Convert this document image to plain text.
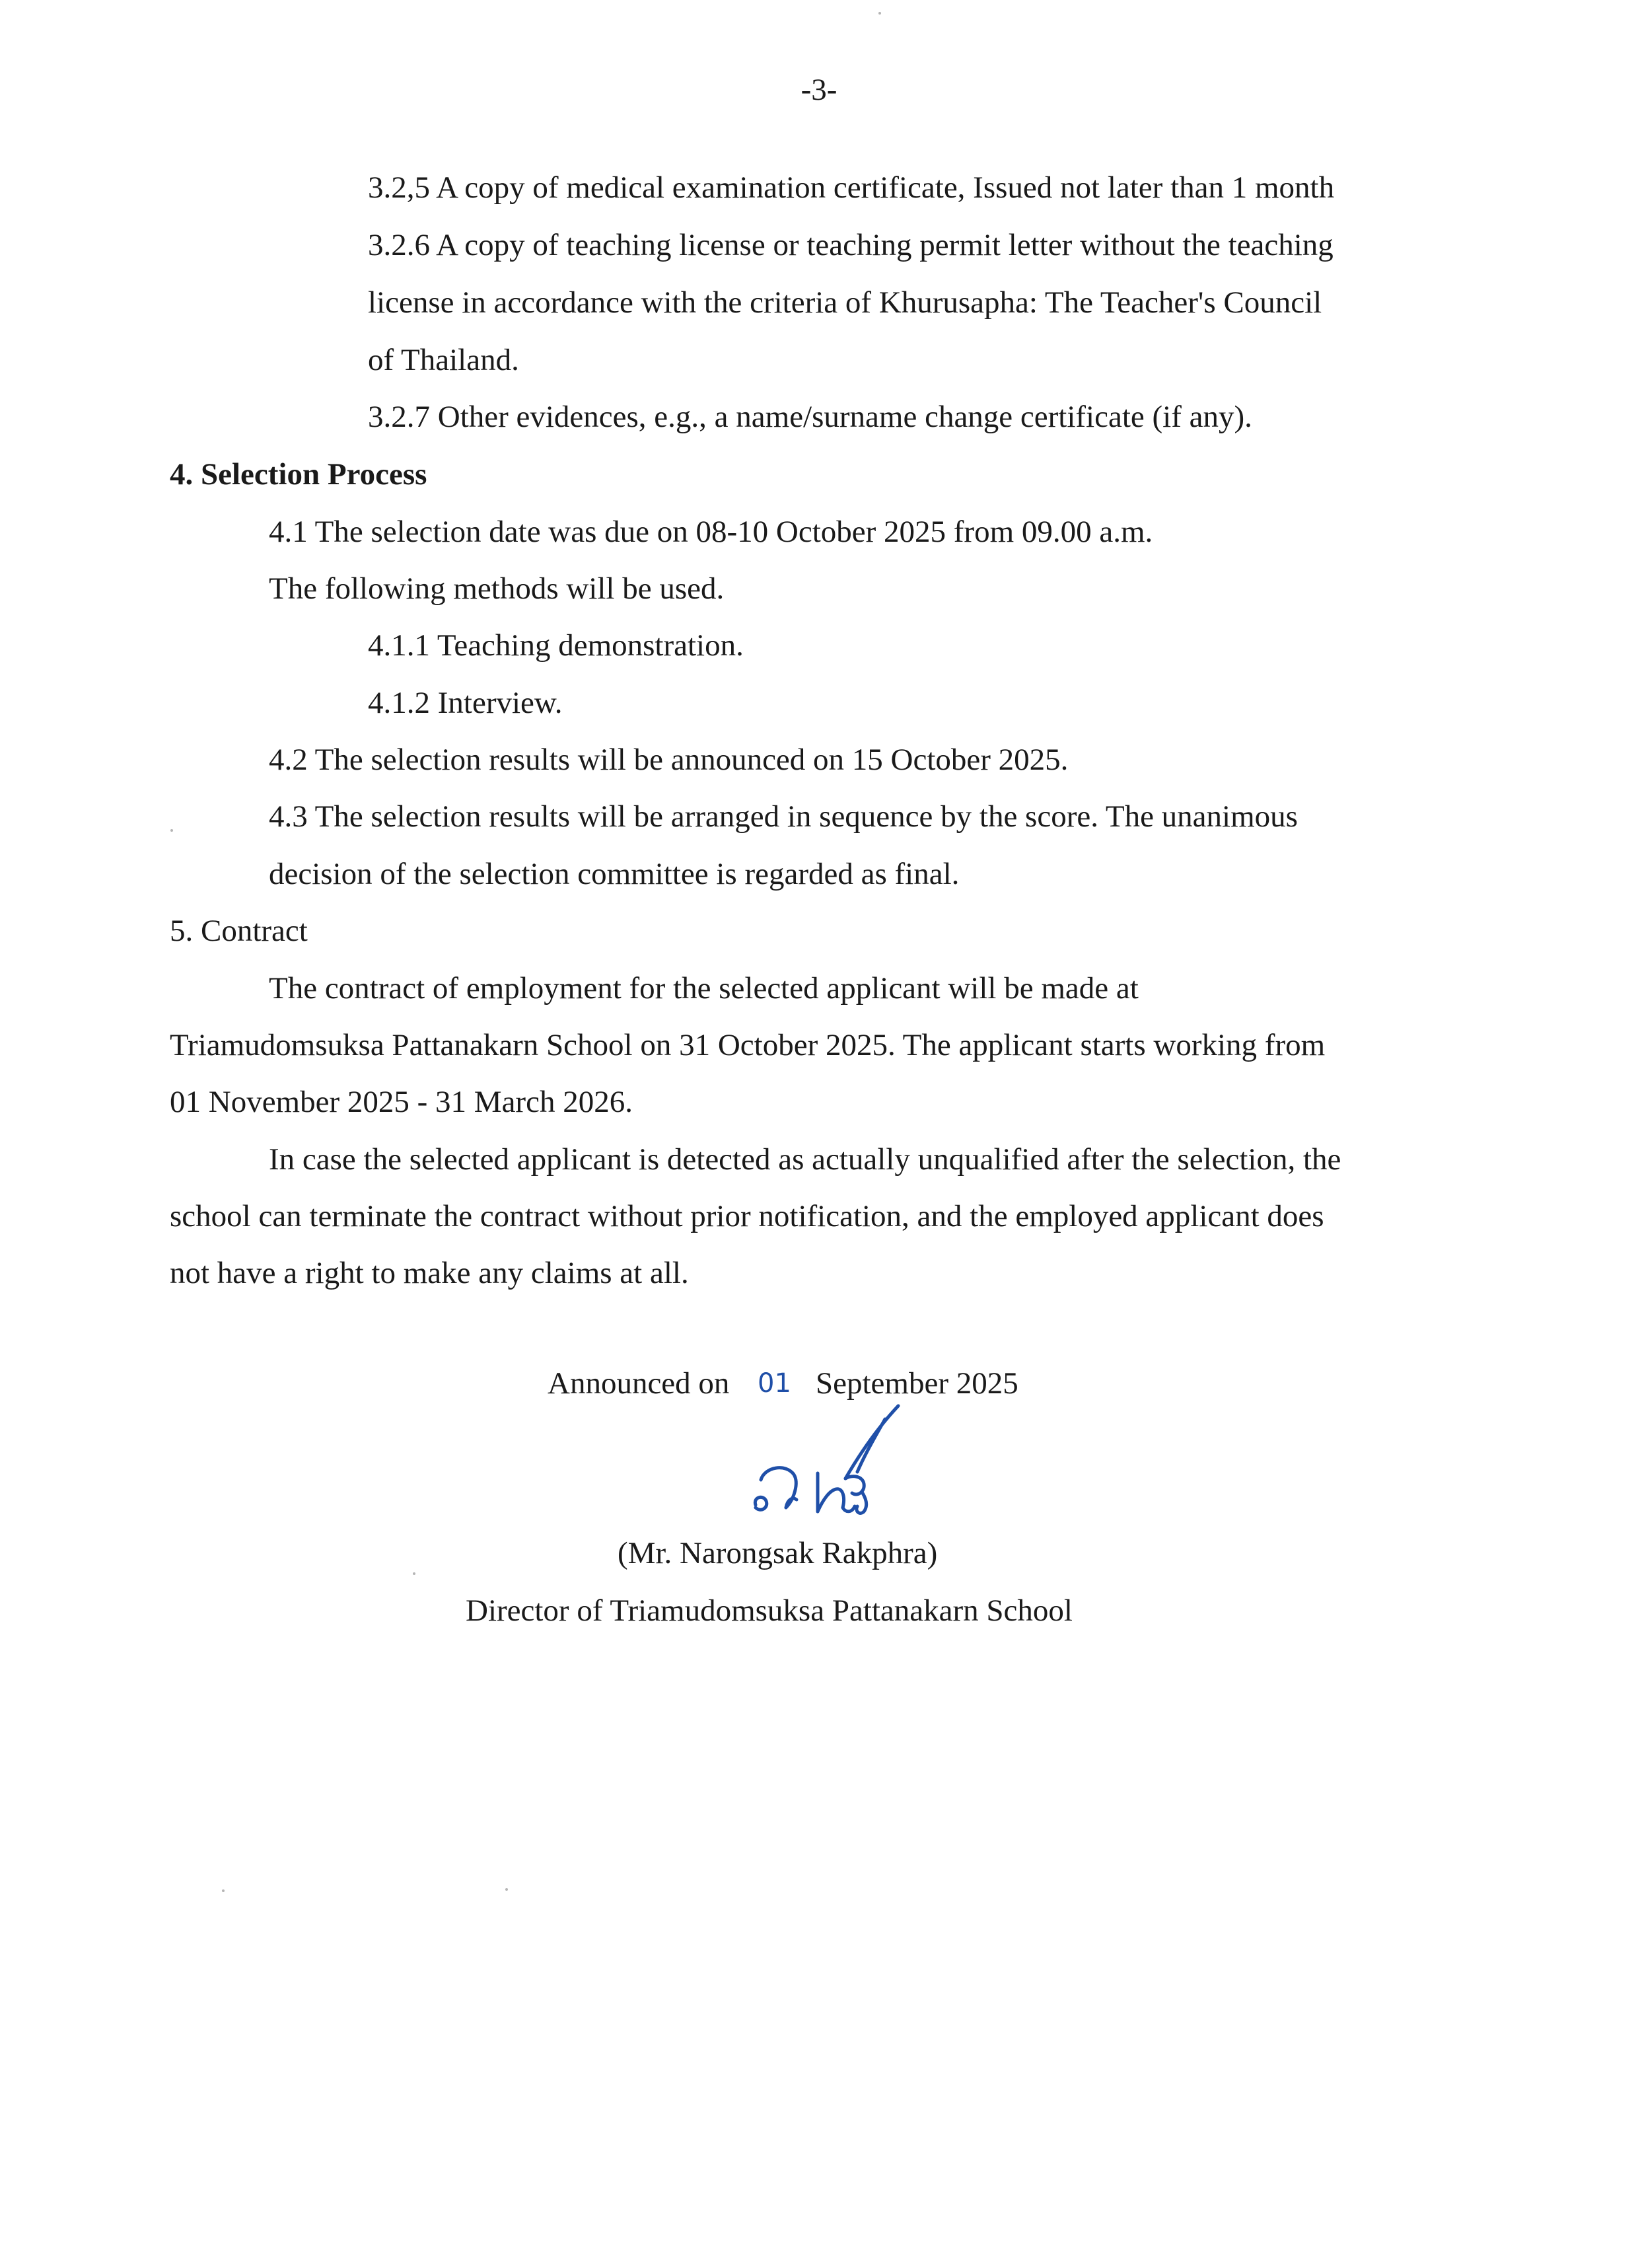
-3-
3.2,5 A copy of medical examination certificate, Issued not later than 1 month
3.2.6 A copy of teaching license or teaching permit letter without the teaching
license in accordance with the criteria of Khurusapha: The Teacher's Council
of Thailand.
3.2.7 Other evidences, e.g., a name/surname change certificate (if any).
4. Selection Process
4.1 The selection date was due on 08-10 October 2025 from 09.00 a.m.
The following methods will be used.
4.1.1 Teaching demonstration.
4.1.2 Interview.
4.2 The selection results will be announced on 15 October 2025.
4.3 The selection results will be arranged in sequence by the score. The unanimous
decision of the selection committee is regarded as final.
5. Contract
The contract of employment for the selected applicant will be made at
Triamudomsuksa Pattanakarn School on 31 October 2025. The applicant starts working from
01 November 2025 - 31 March 2026.
In case the selected applicant is detected as actually unqualified after the selection, the
school can terminate the contract without prior notification, and the employed applicant does
not have a right to make any claims at all.
Announced on 01 September 2025
(Mr. Narongsak Rakphra)
Director of Triamudomsuksa Pattanakarn School
